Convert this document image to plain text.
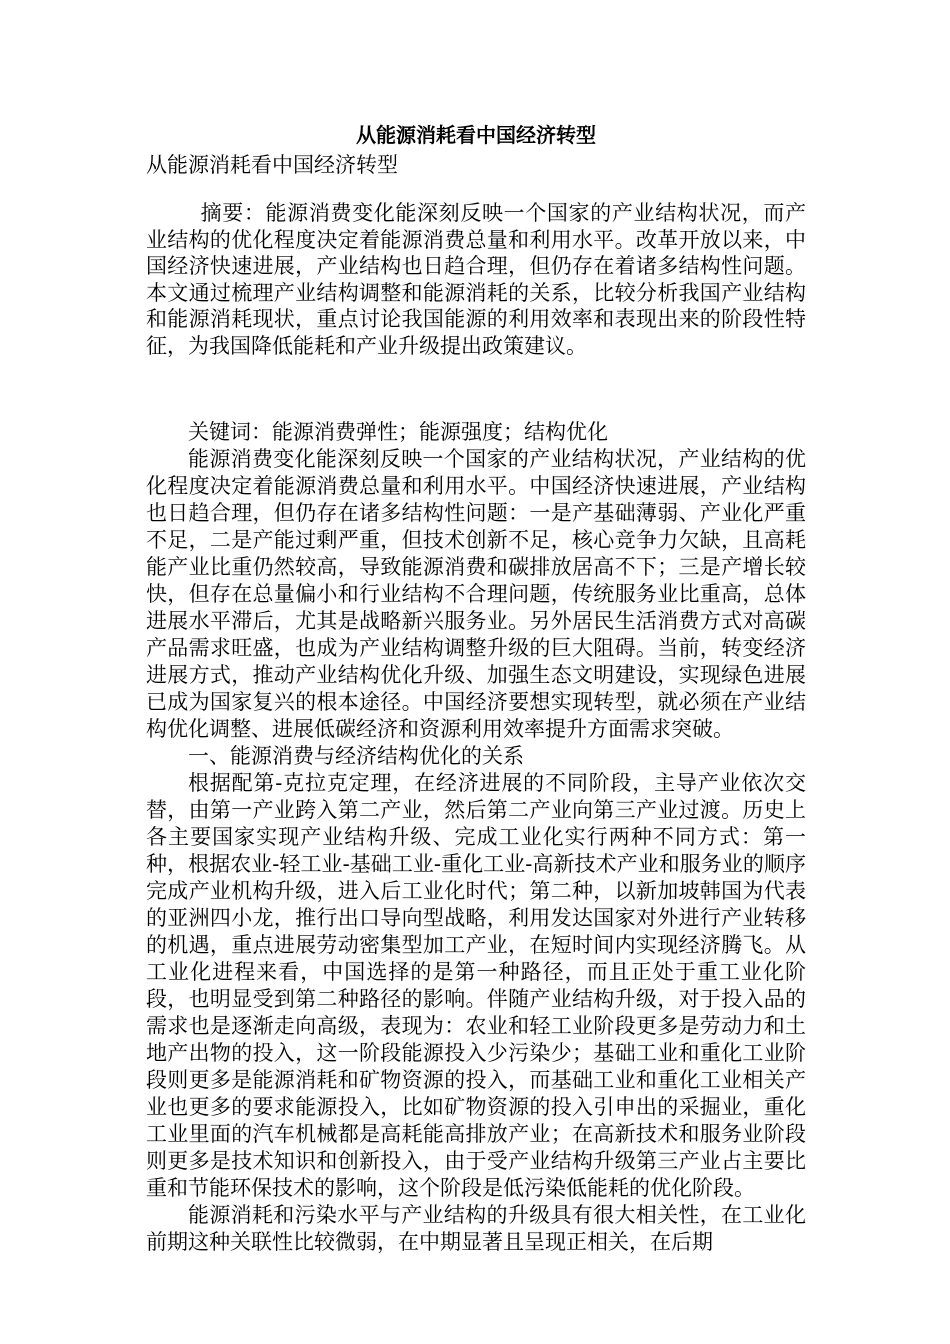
从能源消耗看中国经济转型
从能源消耗看中国经济转型
摘要：能源消费变化能深刻反映一个国家的产业结构状况，而产业结构的优化程度决定着能源消费总量和利用水平。改革开放以来，中国经济快速进展，产业结构也日趋合理，但仍存在着诸多结构性问题。本文通过梳理产业结构调整和能源消耗的关系，比较分析我国产业结构和能源消耗现状，重点讨论我国能源的利用效率和表现出来的阶段性特征，为我国降低能耗和产业升级提出政策建议。

关键词：能源消费弹性；能源强度；结构优化

能源消费变化能深刻反映一个国家的产业结构状况，产业结构的优化程度决定着能源消费总量和利用水平。中国经济快速进展，产业结构也日趋合理，但仍存在诸多结构性问题：一是产基础薄弱、产业化严重不足，二是产能过剩严重，但技术创新不足，核心竞争力欠缺，且高耗能产业比重仍然较高，导致能源消费和碳排放居高不下；三是产增长较快，但存在总量偏小和行业结构不合理问题，传统服务业比重高，总体进展水平滞后，尤其是战略新兴服务业。另外居民生活消费方式对高碳产品需求旺盛，也成为产业结构调整升级的巨大阻碍。当前，转变经济进展方式，推动产业结构优化升级、加强生态文明建设，实现绿色进展已成为国家复兴的根本途径。中国经济要想实现转型，就必须在产业结构优化调整、进展低碳经济和资源利用效率提升方面需求突破。

一、能源消费与经济结构优化的关系

根据配第-克拉克定理，在经济进展的不同阶段，主导产业依次交替，由第一产业跨入第二产业，然后第二产业向第三产业过渡。历史上各主要国家实现产业结构升级、完成工业化实行两种不同方式：第一种，根据农业-轻工业-基础工业-重化工业-高新技术产业和服务业的顺序完成产业机构升级，进入后工业化时代；第二种，以新加坡韩国为代表的亚洲四小龙，推行出口导向型战略，利用发达国家对外进行产业转移的机遇，重点进展劳动密集型加工产业，在短时间内实现经济腾飞。从工业化进程来看，中国选择的是第一种路径，而且正处于重工业化阶段，也明显受到第二种路径的影响。伴随产业结构升级，对于投入品的需求也是逐渐走向高级，表现为：农业和轻工业阶段更多是劳动力和土地产出物的投入，这一阶段能源投入少污染少；基础工业和重化工业阶段则更多是能源消耗和矿物资源的投入，而基础工业和重化工业相关产业也更多的要求能源投入，比如矿物资源的投入引申出的采掘业，重化工业里面的汽车机械都是高耗能高排放产业；在高新技术和服务业阶段则更多是技术知识和创新投入，由于受产业结构升级第三产业占主要比重和节能环保技术的影响，这个阶段是低污染低能耗的优化阶段。

能源消耗和污染水平与产业结构的升级具有很大相关性，在工业化前期这种关联性比较微弱，在中期显著且呈现正相关，在后期
